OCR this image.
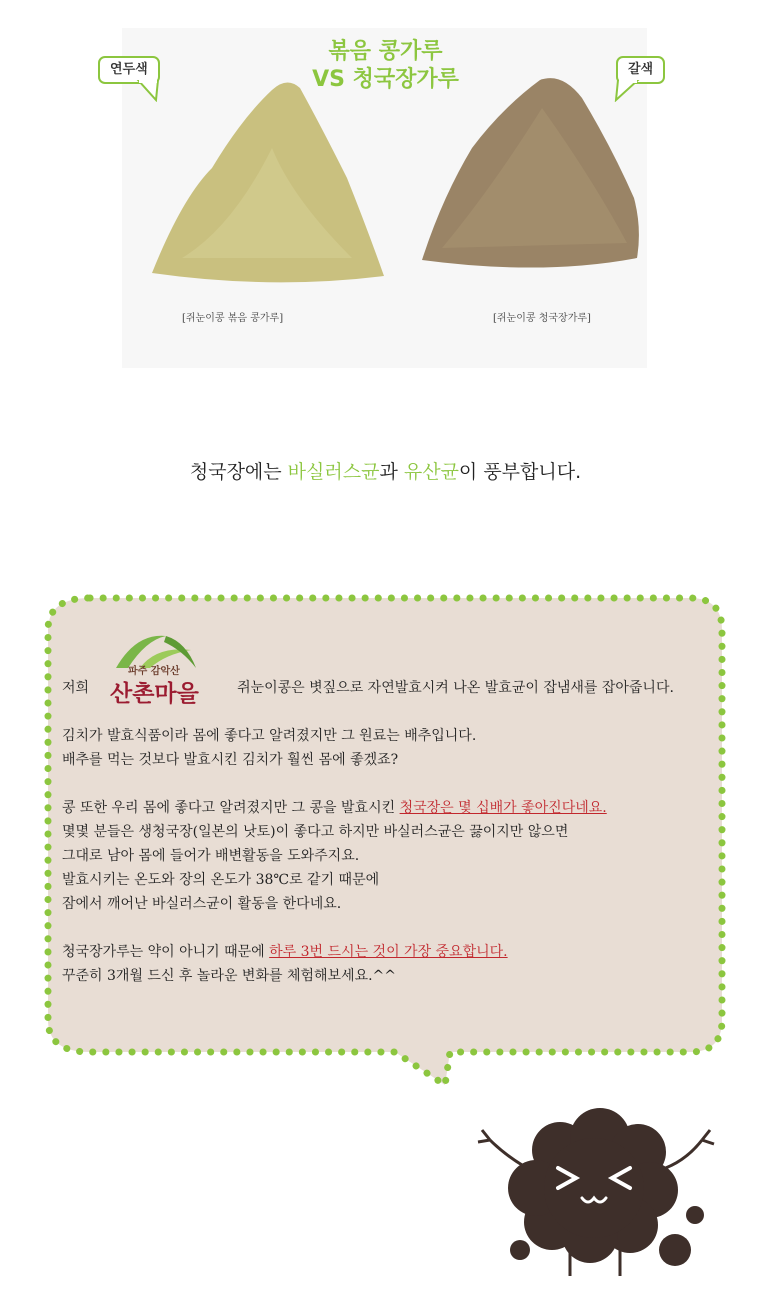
볶음 콩가루
VS 청국장가루
연두색	갈색
[쥐눈이콩 볶음 콩가루]	[쥐눈이콩 청국장가루]
청국장에는 바실러스균과 유산균이 풍부합니다.
파주 감악산
산촌마을

저희	쥐눈이콩은 볏짚으로 자연발효시켜 나온 발효균이 잡냄새를 잡아줍니다.

김치가 발효식품이라 몸에 좋다고 알려졌지만 그 원료는 배추입니다.

배추를 먹는 것보다 발효시킨 김치가 훨씬 몸에 좋겠죠?

콩 또한 우리 몸에 좋다고 알려졌지만 그 콩을 발효시킨 청국장은 몇 십배가 좋아진다네요.

몇몇 분들은 생청국장(일본의 낫토)이 좋다고 하지만 바실러스균은 끓이지만 않으면

그대로 남아 몸에 들어가 배변활동을 도와주지요.

발효시키는 온도와 장의 온도가 38℃로 같기 때문에

잠에서 깨어난 바실러스균이 활동을 한다네요.

청국장가루는 약이 아니기 때문에 하루 3번 드시는 것이 가장 중요합니다.

꾸준히 3개월 드신 후 놀라운 변화를 체험해보세요.^^
